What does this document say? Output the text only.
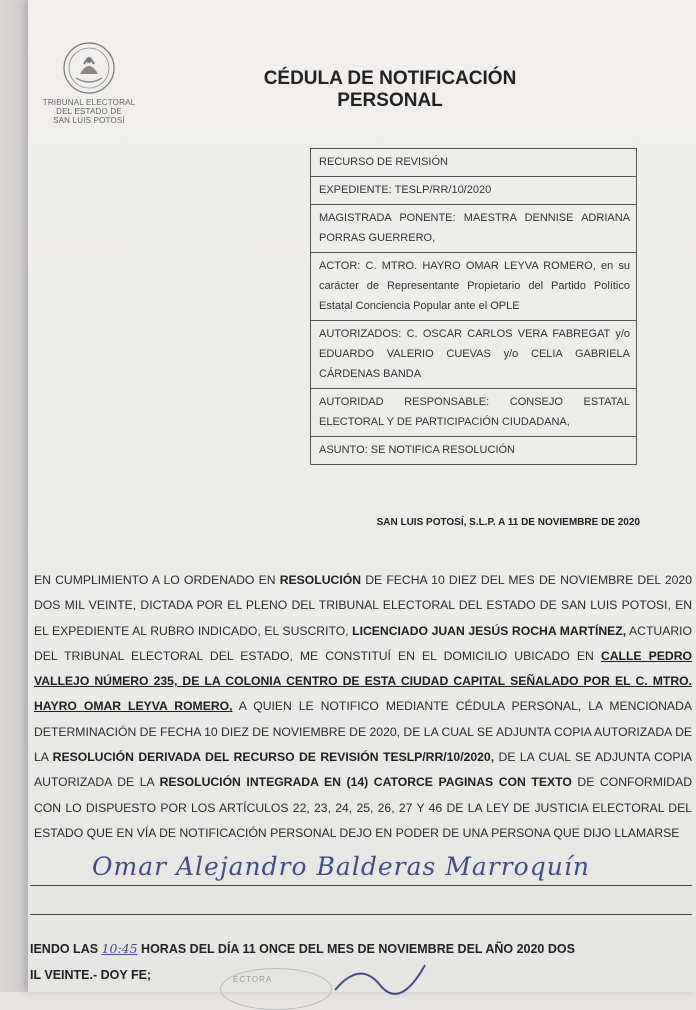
TRIBUNAL ELECTORAL
DEL ESTADO DE
SAN LUIS POTOSÍ
CÉDULA DE NOTIFICACIÓN
PERSONAL
RECURSO DE REVISIÓN
EXPEDIENTE: TESLP/RR/10/2020
MAGISTRADA PONENTE: MAESTRA DENNISE ADRIANA PORRAS GUERRERO,
ACTOR: C. MTRO. HAYRO OMAR LEYVA ROMERO, en su carácter de Representante Propietario del Partido Político Estatal Conciencia Popular ante el OPLE
AUTORIZADOS: C. OSCAR CARLOS VERA FABREGAT y/o EDUARDO VALERIO CUEVAS y/o CELIA GABRIELA CÁRDENAS BANDA
AUTORIDAD RESPONSABLE: CONSEJO ESTATAL ELECTORAL Y DE PARTICIPACIÓN CIUDADANA,
ASUNTO: SE NOTIFICA RESOLUCIÓN
SAN LUIS POTOSÍ, S.L.P. A 11 DE NOVIEMBRE DE 2020
EN CUMPLIMIENTO A LO ORDENADO EN RESOLUCIÓN DE FECHA 10 DIEZ DEL MES DE NOVIEMBRE DEL 2020 DOS MIL VEINTE, DICTADA POR EL PLENO DEL TRIBUNAL ELECTORAL DEL ESTADO DE SAN LUIS POTOSI, EN EL EXPEDIENTE AL RUBRO INDICADO, EL SUSCRITO, LICENCIADO JUAN JESÚS ROCHA MARTÍNEZ, ACTUARIO DEL TRIBUNAL ELECTORAL DEL ESTADO, ME CONSTITUÍ EN EL DOMICILIO UBICADO EN CALLE PEDRO VALLEJO NÚMERO 235, DE LA COLONIA CENTRO DE ESTA CIUDAD CAPITAL SEÑALADO POR EL C. MTRO. HAYRO OMAR LEYVA ROMERO, A QUIEN LE NOTIFICO MEDIANTE CÉDULA PERSONAL, LA MENCIONADA DETERMINACIÓN DE FECHA 10 DIEZ DE NOVIEMBRE DE 2020, DE LA CUAL SE ADJUNTA COPIA AUTORIZADA DE LA RESOLUCIÓN DERIVADA DEL RECURSO DE REVISIÓN TESLP/RR/10/2020, DE LA CUAL SE ADJUNTA COPIA AUTORIZADA DE LA RESOLUCIÓN INTEGRADA EN (14) CATORCE PAGINAS CON TEXTO DE CONFORMIDAD CON LO DISPUESTO POR LOS ARTÍCULOS 22, 23, 24, 25, 26, 27 Y 46 DE LA LEY DE JUSTICIA ELECTORAL DEL ESTADO QUE EN VÍA DE NOTIFICACIÓN PERSONAL DEJO EN PODER DE UNA PERSONA QUE DIJO LLAMARSE
Omar Alejandro Balderas Marroquín
IENDO LAS 10:45 HORAS DEL DÍA 11 ONCE DEL MES DE NOVIEMBRE DEL AÑO 2020 DOS
IL VEINTE.- DOY FE;	ECTORA
